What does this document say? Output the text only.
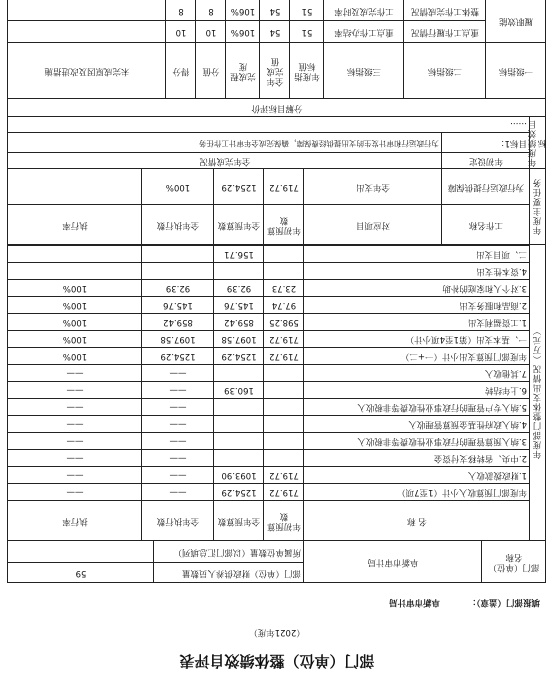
部门（单位）整体绩效自评表
（2021年度）
填报部门（盖章）：
阜新市审计局
部门（单位）名称
阜新市审计局
部门（单位）财政供养人员数量
59
所属单位数量（以部门汇总填列）
年度部门整体支出情况（万元）
名 称
年初预算数
全年预算数
全年执行数
执行率
年度部门预算收入小计（1至7项）
719.72
1254.29
——
——
1.财政拨款收入
719.72
1093.90
——
——
2.中央、省转移支付资金
——
——
3.纳入预算管理的行政事业性收费等非税收入
——
——
4.纳入政府性基金预算管理收入
——
——
5.纳入专户管理的行政事业性收费等非税收入
——
——
6.上年结转
160.39
——
——
7.其他收入
——
——
年度部门预算支出小计（一+二）
719.72
1254.29
1254.29
100%
一、基本支出（第1至4项小计）
719.72
1097.58
1097.58
100%
1.工资福利支出
598.25
859.42
859.42
100%
2.商品和服务支出
97.74
145.76
145.76
100%
3.对个人和家庭的补助
23.73
92.39
92.39
100%
4.资本性支出
二、项目支出
156.71
年度主要任务
工作名称
对应项目
年初预算数
全年预算数
全年执行数
执行率
为行政运行提供保障
全年支出
719.72
1254.29
100%
年度绩效目标
年初设定
全年完成情况
目标1：
为行政运行和审计发生的支出提供经费保障，确保完成全年审计工作任务
……
分解目标评价
一级指标
二级指标
三级指标
年度指标值
全年完成值
完成程度
分值
得分
未完成原因及改进措施
履职效能
重点工作履行情况
重点工作办结率
51
54
106%
10
10
整体工作完成情况
工作完成及时率
51
54
106%
8
8
